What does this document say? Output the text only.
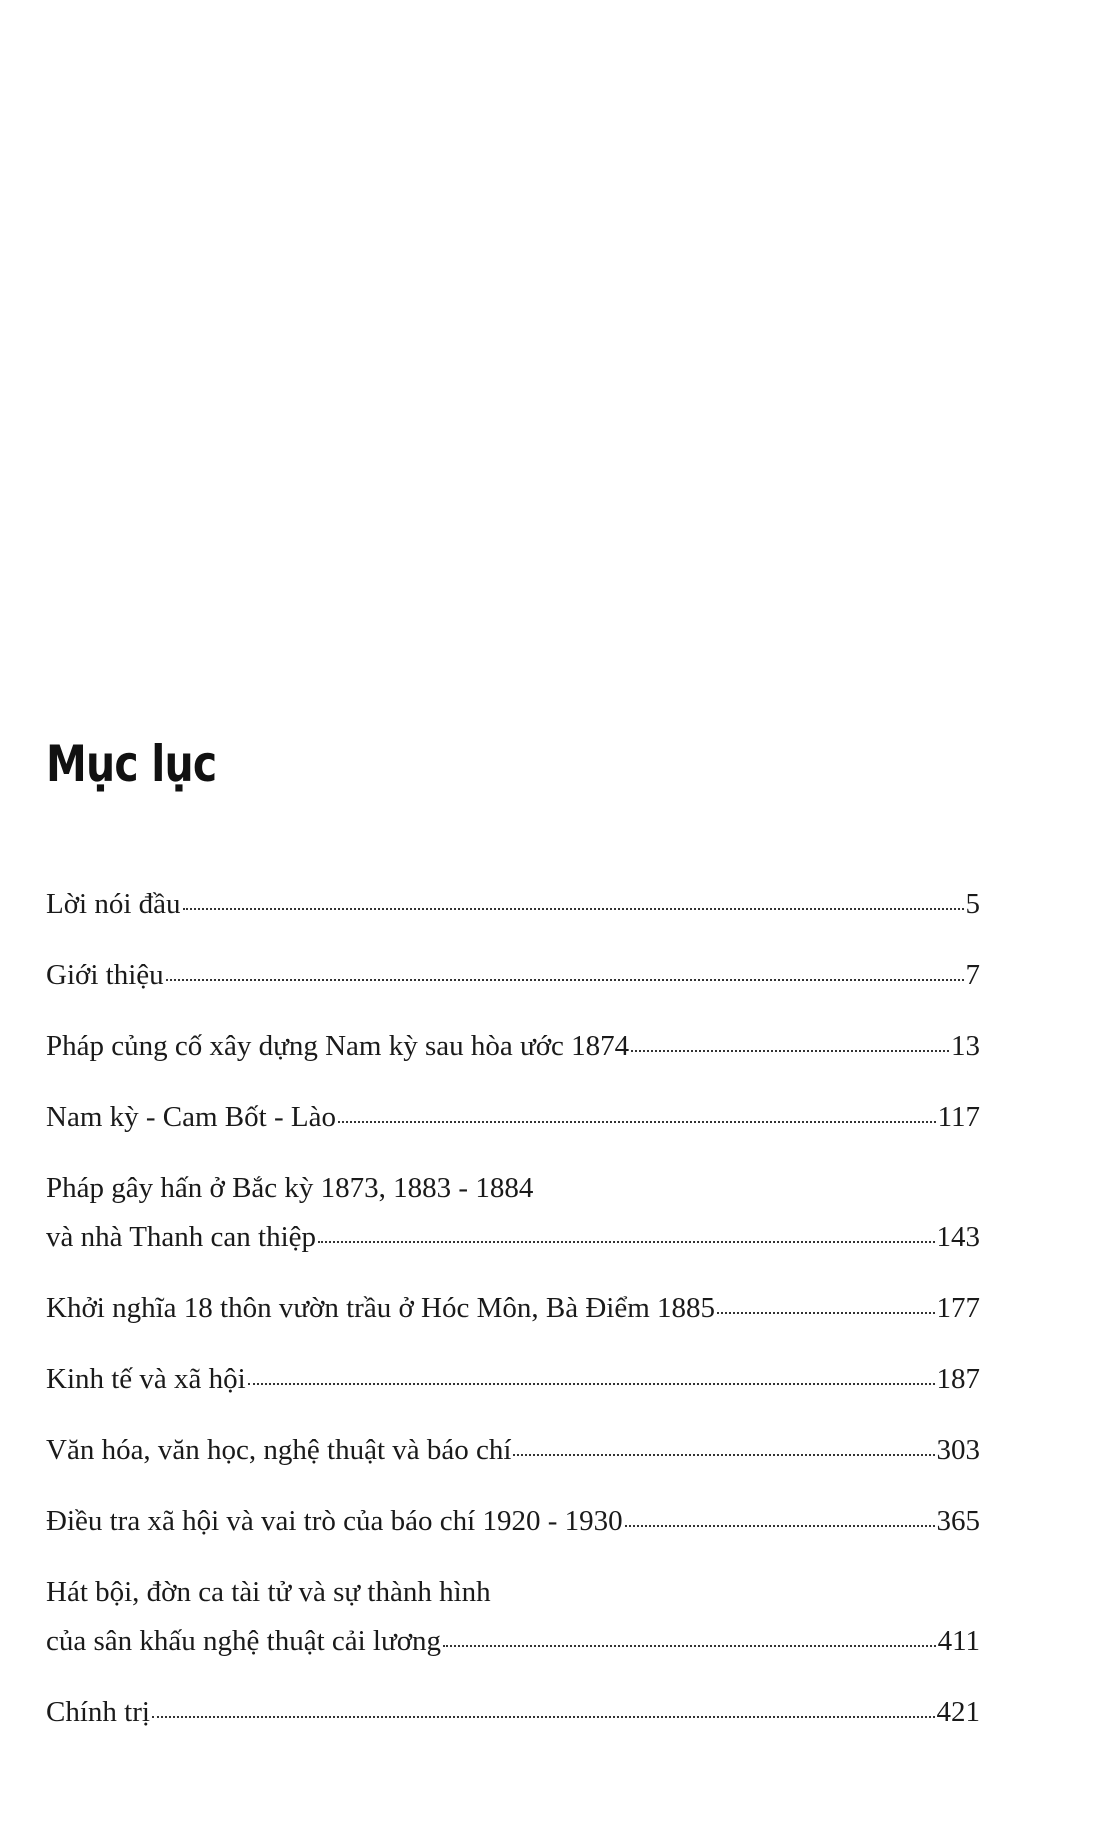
Mục lục
Lời nói đầu	5
Giới thiệu	7
Pháp củng cố xây dựng Nam kỳ sau hòa ước 1874	13
Nam kỳ - Cam Bốt - Lào	117
Pháp gây hấn ở Bắc kỳ 1873, 1883 - 1884
và nhà Thanh can thiệp	143
Khởi nghĩa 18 thôn vườn trầu ở Hóc Môn, Bà Điểm 1885	177
Kinh tế và xã hội	187
Văn hóa, văn học, nghệ thuật và báo chí	303
Điều tra xã hội và vai trò của báo chí 1920 - 1930	365
Hát bội, đờn ca tài tử và sự thành hình
của sân khấu nghệ thuật cải lương	411
Chính trị	421
